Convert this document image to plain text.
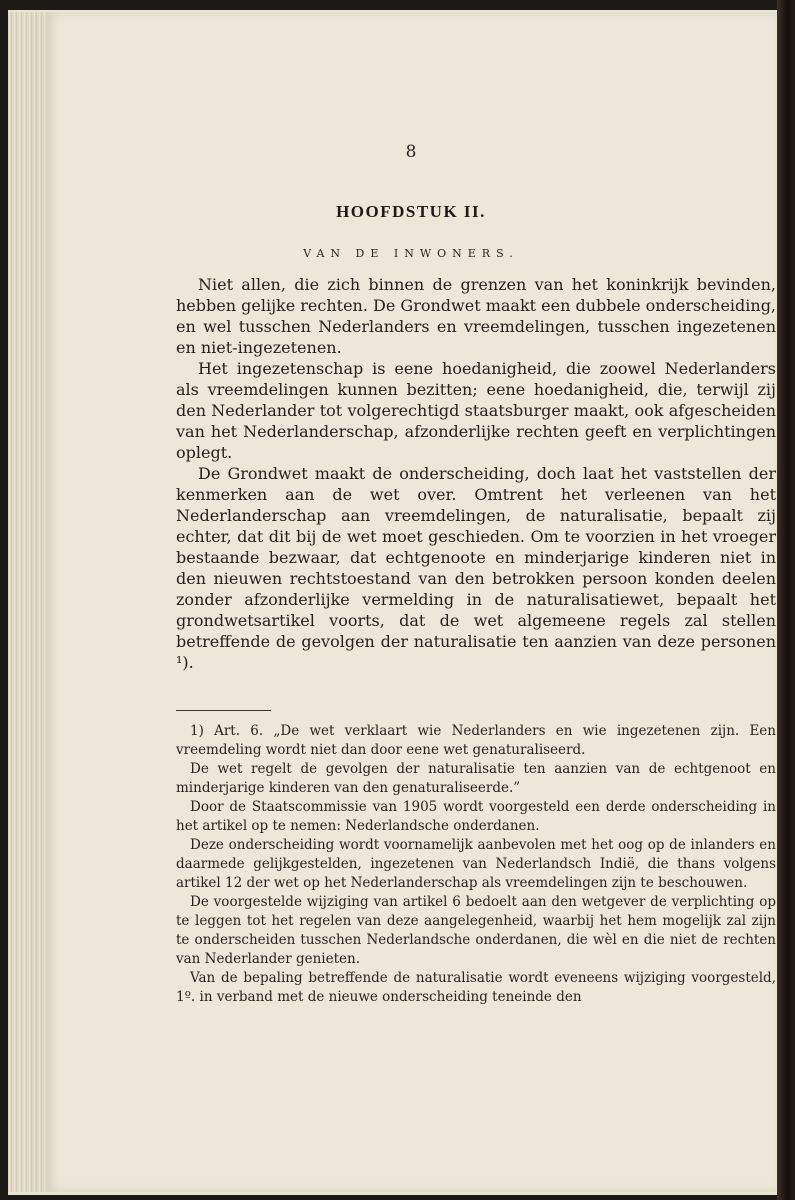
8
HOOFDSTUK II.
VAN DE INWONERS.

Niet allen, die zich binnen de grenzen van het koninkrijk bevinden, hebben gelijke rechten. De Grondwet maakt een dubbele onderscheiding, en wel tusschen Nederlanders en vreemdelingen, tusschen ingezetenen en niet-ingezetenen.

Het ingezetenschap is eene hoedanigheid, die zoowel Nederlanders als vreemdelingen kunnen bezitten; eene hoedanigheid, die, terwijl zij den Nederlander tot volgerechtigd staatsburger maakt, ook afgescheiden van het Nederlanderschap, afzonderlijke rechten geeft en verplichtingen oplegt.

De Grondwet maakt de onderscheiding, doch laat het vaststellen der kenmerken aan de wet over. Omtrent het verleenen van het Nederlanderschap aan vreemdelingen, de naturalisatie, bepaalt zij echter, dat dit bij de wet moet geschieden. Om te voorzien in het vroeger bestaande bezwaar, dat echtgenoote en minderjarige kinderen niet in den nieuwen rechtstoestand van den betrokken persoon konden deelen zonder afzonderlijke vermelding in de naturalisatiewet, bepaalt het grondwetsartikel voorts, dat de wet algemeene regels zal stellen betreffende de gevolgen der naturalisatie ten aanzien van deze personen ¹).

1) Art. 6. „De wet verklaart wie Nederlanders en wie ingezetenen zijn. Een vreemdeling wordt niet dan door eene wet genaturaliseerd.

De wet regelt de gevolgen der naturalisatie ten aanzien van de echtgenoot en minderjarige kinderen van den genaturaliseerde.”

Door de Staatscommissie van 1905 wordt voorgesteld een derde onderscheiding in het artikel op te nemen: Nederlandsche onderdanen.

Deze onderscheiding wordt voornamelijk aanbevolen met het oog op de inlanders en daarmede gelijkgestelden, ingezetenen van Nederlandsch Indië, die thans volgens artikel 12 der wet op het Nederlanderschap als vreemdelingen zijn te beschouwen.

De voorgestelde wijziging van artikel 6 bedoelt aan den wetgever de verplichting op te leggen tot het regelen van deze aangelegenheid, waarbij het hem mogelijk zal zijn te onderscheiden tusschen Nederlandsche onderdanen, die wèl en die niet de rechten van Nederlander genieten.

Van de bepaling betreffende de naturalisatie wordt eveneens wijziging voorgesteld, 1º. in verband met de nieuwe onderscheiding teneinde den
